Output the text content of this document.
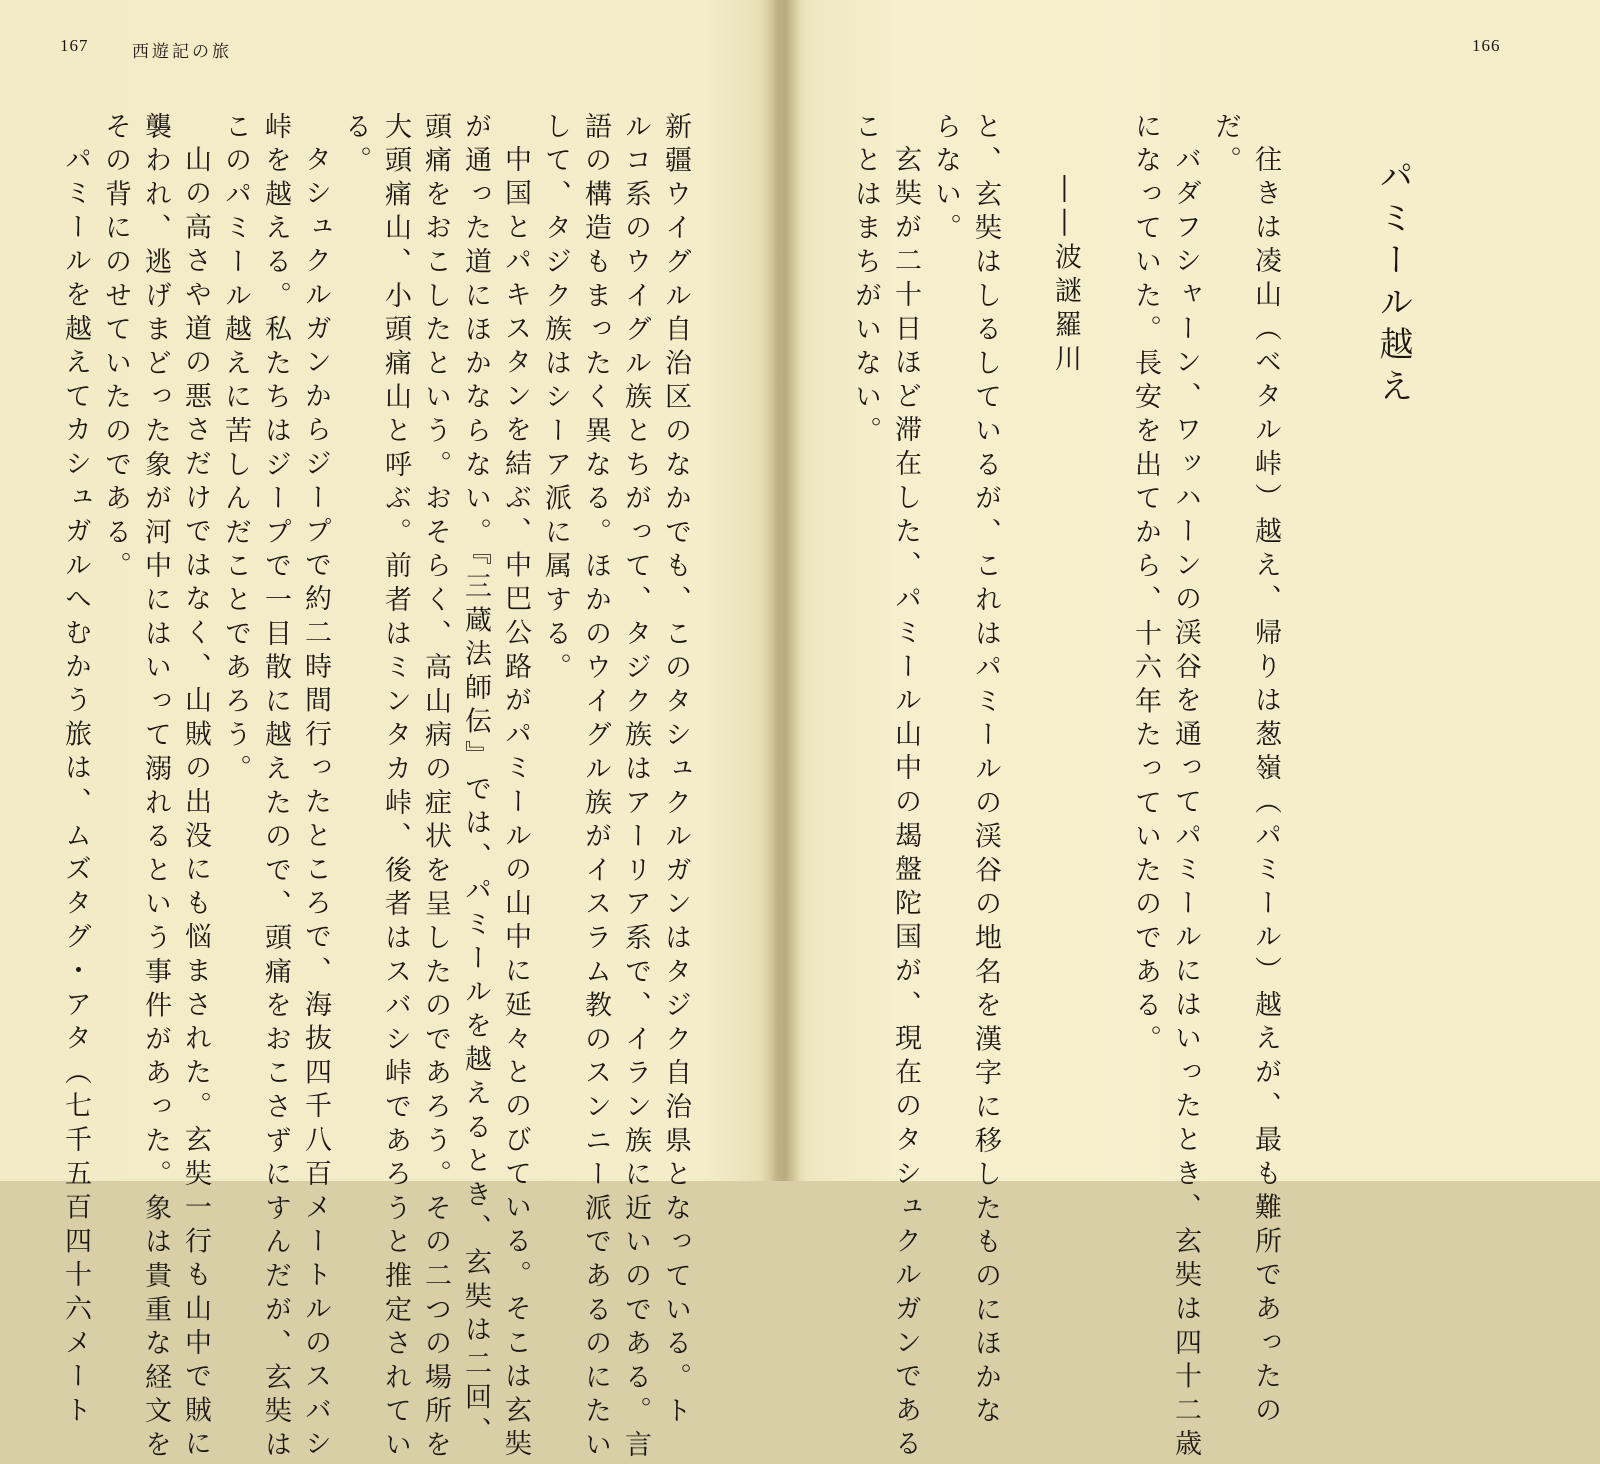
167	西遊記の旅
新疆ウイグル自治区のなかでも、このタシュクルガンはタジク自治県となっている。ト
ルコ系のウイグル族とちがって、タジク族はアーリア系で、イラン族に近いのである。言
語の構造もまったく異なる。ほかのウイグル族がイスラム教のスンニー派であるのにたい
して、タジク族はシーア派に属する。
中国とパキスタンを結ぶ、中巴公路がパミールの山中に延々とのびている。そこは玄奘
が通った道にほかならない。『三蔵法師伝』では、パミールを越えるとき、玄奘は二回、
頭痛をおこしたという。おそらく、高山病の症状を呈したのであろう。その二つの場所を
大頭痛山、小頭痛山と呼ぶ。前者はミンタカ峠、後者はスバシ峠であろうと推定されてい
る。
タシュクルガンからジープで約二時間行ったところで、海抜四千八百メートルのスバシ
峠を越える。私たちはジープで一目散に越えたので、頭痛をおこさずにすんだが、玄奘は
このパミール越えに苦しんだことであろう。
山の高さや道の悪さだけではなく、山賊の出没にも悩まされた。玄奘一行も山中で賊に
襲われ、逃げまどった象が河中にはいって溺れるという事件があった。象は貴重な経文を
その背にのせていたのである。
パミールを越えてカシュガルへむかう旅は、ムズタグ・アタ（七千五百四十六メート
166
パミール越え
往きは凌山（ベタル峠）越え、帰りは葱嶺（パミール）越えが、最も難所であったの
だ。
バダフシャーン、ワッハーンの渓谷を通ってパミールにはいったとき、玄奘は四十二歳
になっていた。長安を出てから、十六年たっていたのである。
――波謎羅川
と、玄奘はしるしているが、これはパミールの渓谷の地名を漢字に移したものにほかな
らない。
玄奘が二十日ほど滞在した、パミール山中の朅盤陀国が、現在のタシュクルガンである
ことはまちがいない。
